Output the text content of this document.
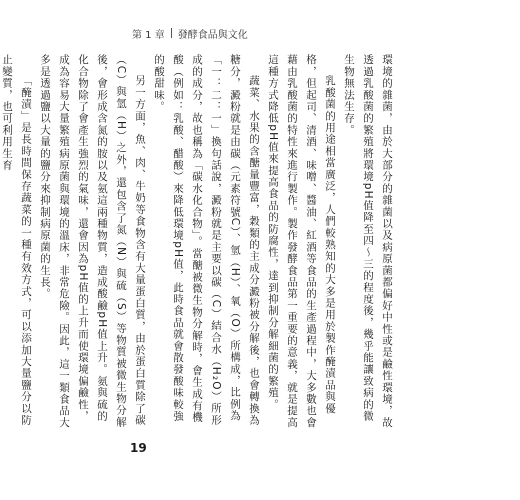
第 1 章 發酵食品與文化

環境的雜菌，由於大部分的雜菌以及病原菌都偏好中性或是鹼性環境，故透過乳酸菌的繁殖將環境pH值降至四～三的程度後，幾乎能讓致病的微生物無法生存。

乳酸菌的用途相當廣泛，人們較熟知的大多是用於製作醃漬品與優格，但起司、清酒、味噌、醬油、紅酒等食品的生產過程中，大多數也會藉由乳酸菌的特性來進行製作。製作發酵食品第一重要的意義，就是提高這種方式降低pH值來提高食品的防腐性，達到抑制分解細菌的繁殖。

蔬菜、水果的含醣量豐富，穀類的主成分澱粉被分解後，也會轉換為糖分，澱粉就是由碳（元素符號C）、氫（H）、氧（O）所構成，比例為「一：二：一」換句話說，澱粉就是主要以碳（C）結合水（H₂O）所形成的成分，故也稱為「碳水化合物」。當醣被微生物分解時，會生成有機酸（例如：乳酸、醋酸）來降低環境pH值，此時食品就會散發酸味較強的酸甜味。

另一方面，魚、肉、牛奶等食物含有大量蛋白質，由於蛋白質除了碳（C）與氫（H）之外，還包含了氮（N）與硫（S）等物質被微生物分解後，會形成含氮的胺以及氨這兩種物質，造成酸鹼pH值上升。氨與硫的化合物除了會產生強烈的氣味，還會因為pH值的上升而使環境偏鹼性，成為容易大量繁殖病原菌與環境的溫床，非常危險。因此，這一類食品大多是透過鹽以大量的鹽分來抑制病原菌的生長。

「醃漬」是長時間保存蔬菜的一種有效方式，可以添加大量鹽分以防止變質，也可利用生育

19
